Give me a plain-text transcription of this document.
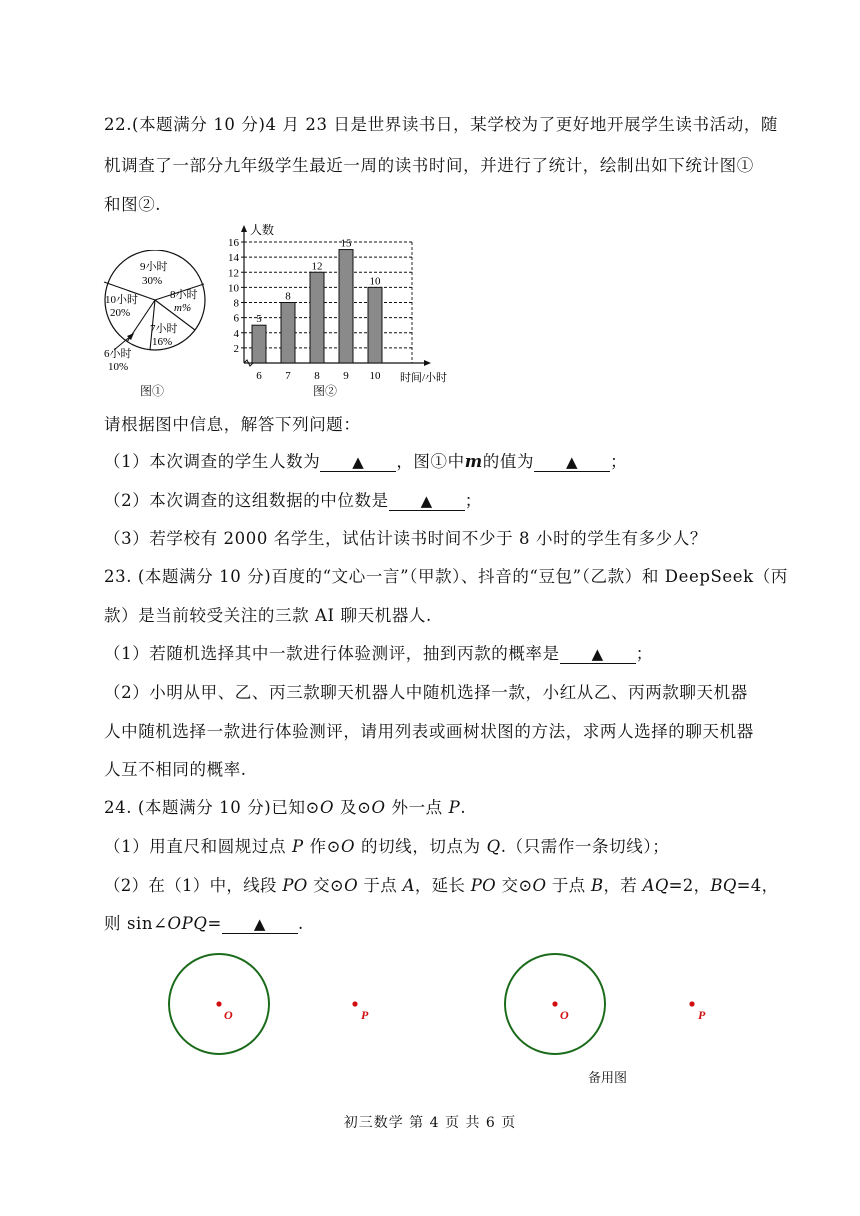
22.(本题满分 10 分)4 月 23 日是世界读书日，某学校为了更好地开展学生读书活动，随
机调查了一部分九年级学生最近一周的读书时间，并进行了统计，绘制出如下统计图①
和图②.
9小时
30%
8小时
m%
7小时
16%
10小时
20%
6小时
10%
图①
2
4
6
8
10
12
14
16
人数
时间/小时
5
6
8
7
12
8
15
9
10
10
图②
请根据图中信息，解答下列问题：
（1）本次调查的学生人数为 ▲ ，图①中m的值为 ▲ ；
（2）本次调查的这组数据的中位数是 ▲ ；
（3）若学校有 2000 名学生，试估计读书时间不少于 8 小时的学生有多少人？
23. (本题满分 10 分)百度的“文心一言”（甲款）、抖音的“豆包”（乙款）和 DeepSeek（丙
款）是当前较受关注的三款 AI 聊天机器人.
（1）若随机选择其中一款进行体验测评，抽到丙款的概率是 ▲ ；
（2）小明从甲、乙、丙三款聊天机器人中随机选择一款，小红从乙、丙两款聊天机器
人中随机选择一款进行体验测评，请用列表或画树状图的方法，求两人选择的聊天机器
人互不相同的概率.
24. (本题满分 10 分)已知⊙O 及⊙O 外一点 P.
（1）用直尺和圆规过点 P 作⊙O 的切线，切点为 Q.（只需作一条切线）；
（2）在（1）中，线段 PO 交⊙O 于点 A，延长 PO 交⊙O 于点 B，若 AQ=2，BQ=4，
则 sin∠OPQ= ▲ .
O	P	O	P
备用图
初三数学 第 4 页 共 6 页
